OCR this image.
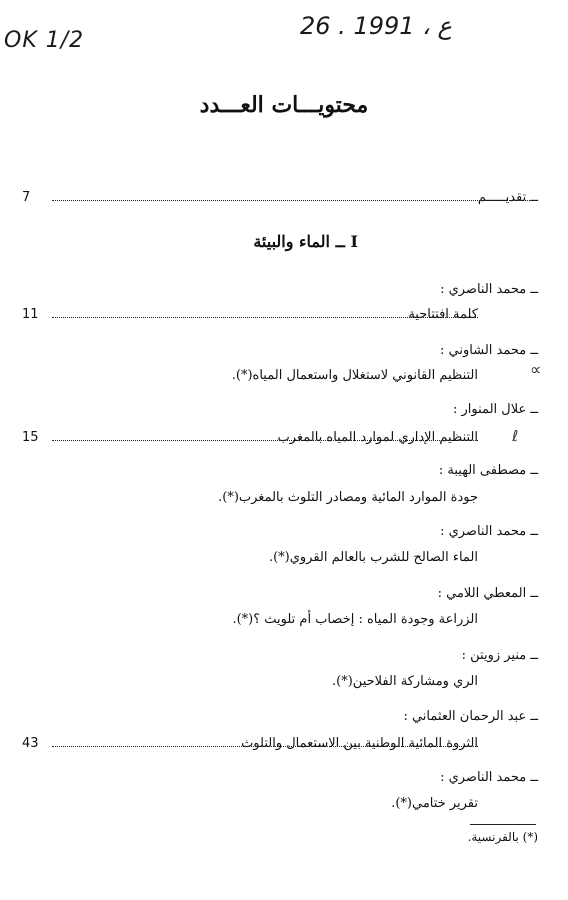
OK 1/2
26 . ع ، 1991
محتويـــات العـــدد
ــ تقديـــــم
7
I ــ الماء والبيئة
ــ محمد الناصري :
كلمة افتتاحية
11
ــ محمد الشاوني :
التنظيم القانوني لاستغلال واستعمال المياه(*).	∝
ــ علال المنوار :
التنظيم الإداري لموارد المياه بالمغرب
15	ℓ
ــ مصطفى الهيبة :
جودة الموارد المائية ومصادر التلوث بالمغرب(*).
ــ محمد الناصري :
الماء الصالح للشرب بالعالم القروي(*).
ــ المعطي اللامي :
الزراعة وجودة المياه : إخصاب أم تلويث ؟(*).
ــ منير زويتن :
الري ومشاركة الفلاحين(*).
ــ عبد الرحمان العثماني :
الثروة المائية الوطنية بين الاستعمال والتلوث
43
ــ محمد الناصري :
تقرير ختامي(*).
(*) بالفرنسية.
